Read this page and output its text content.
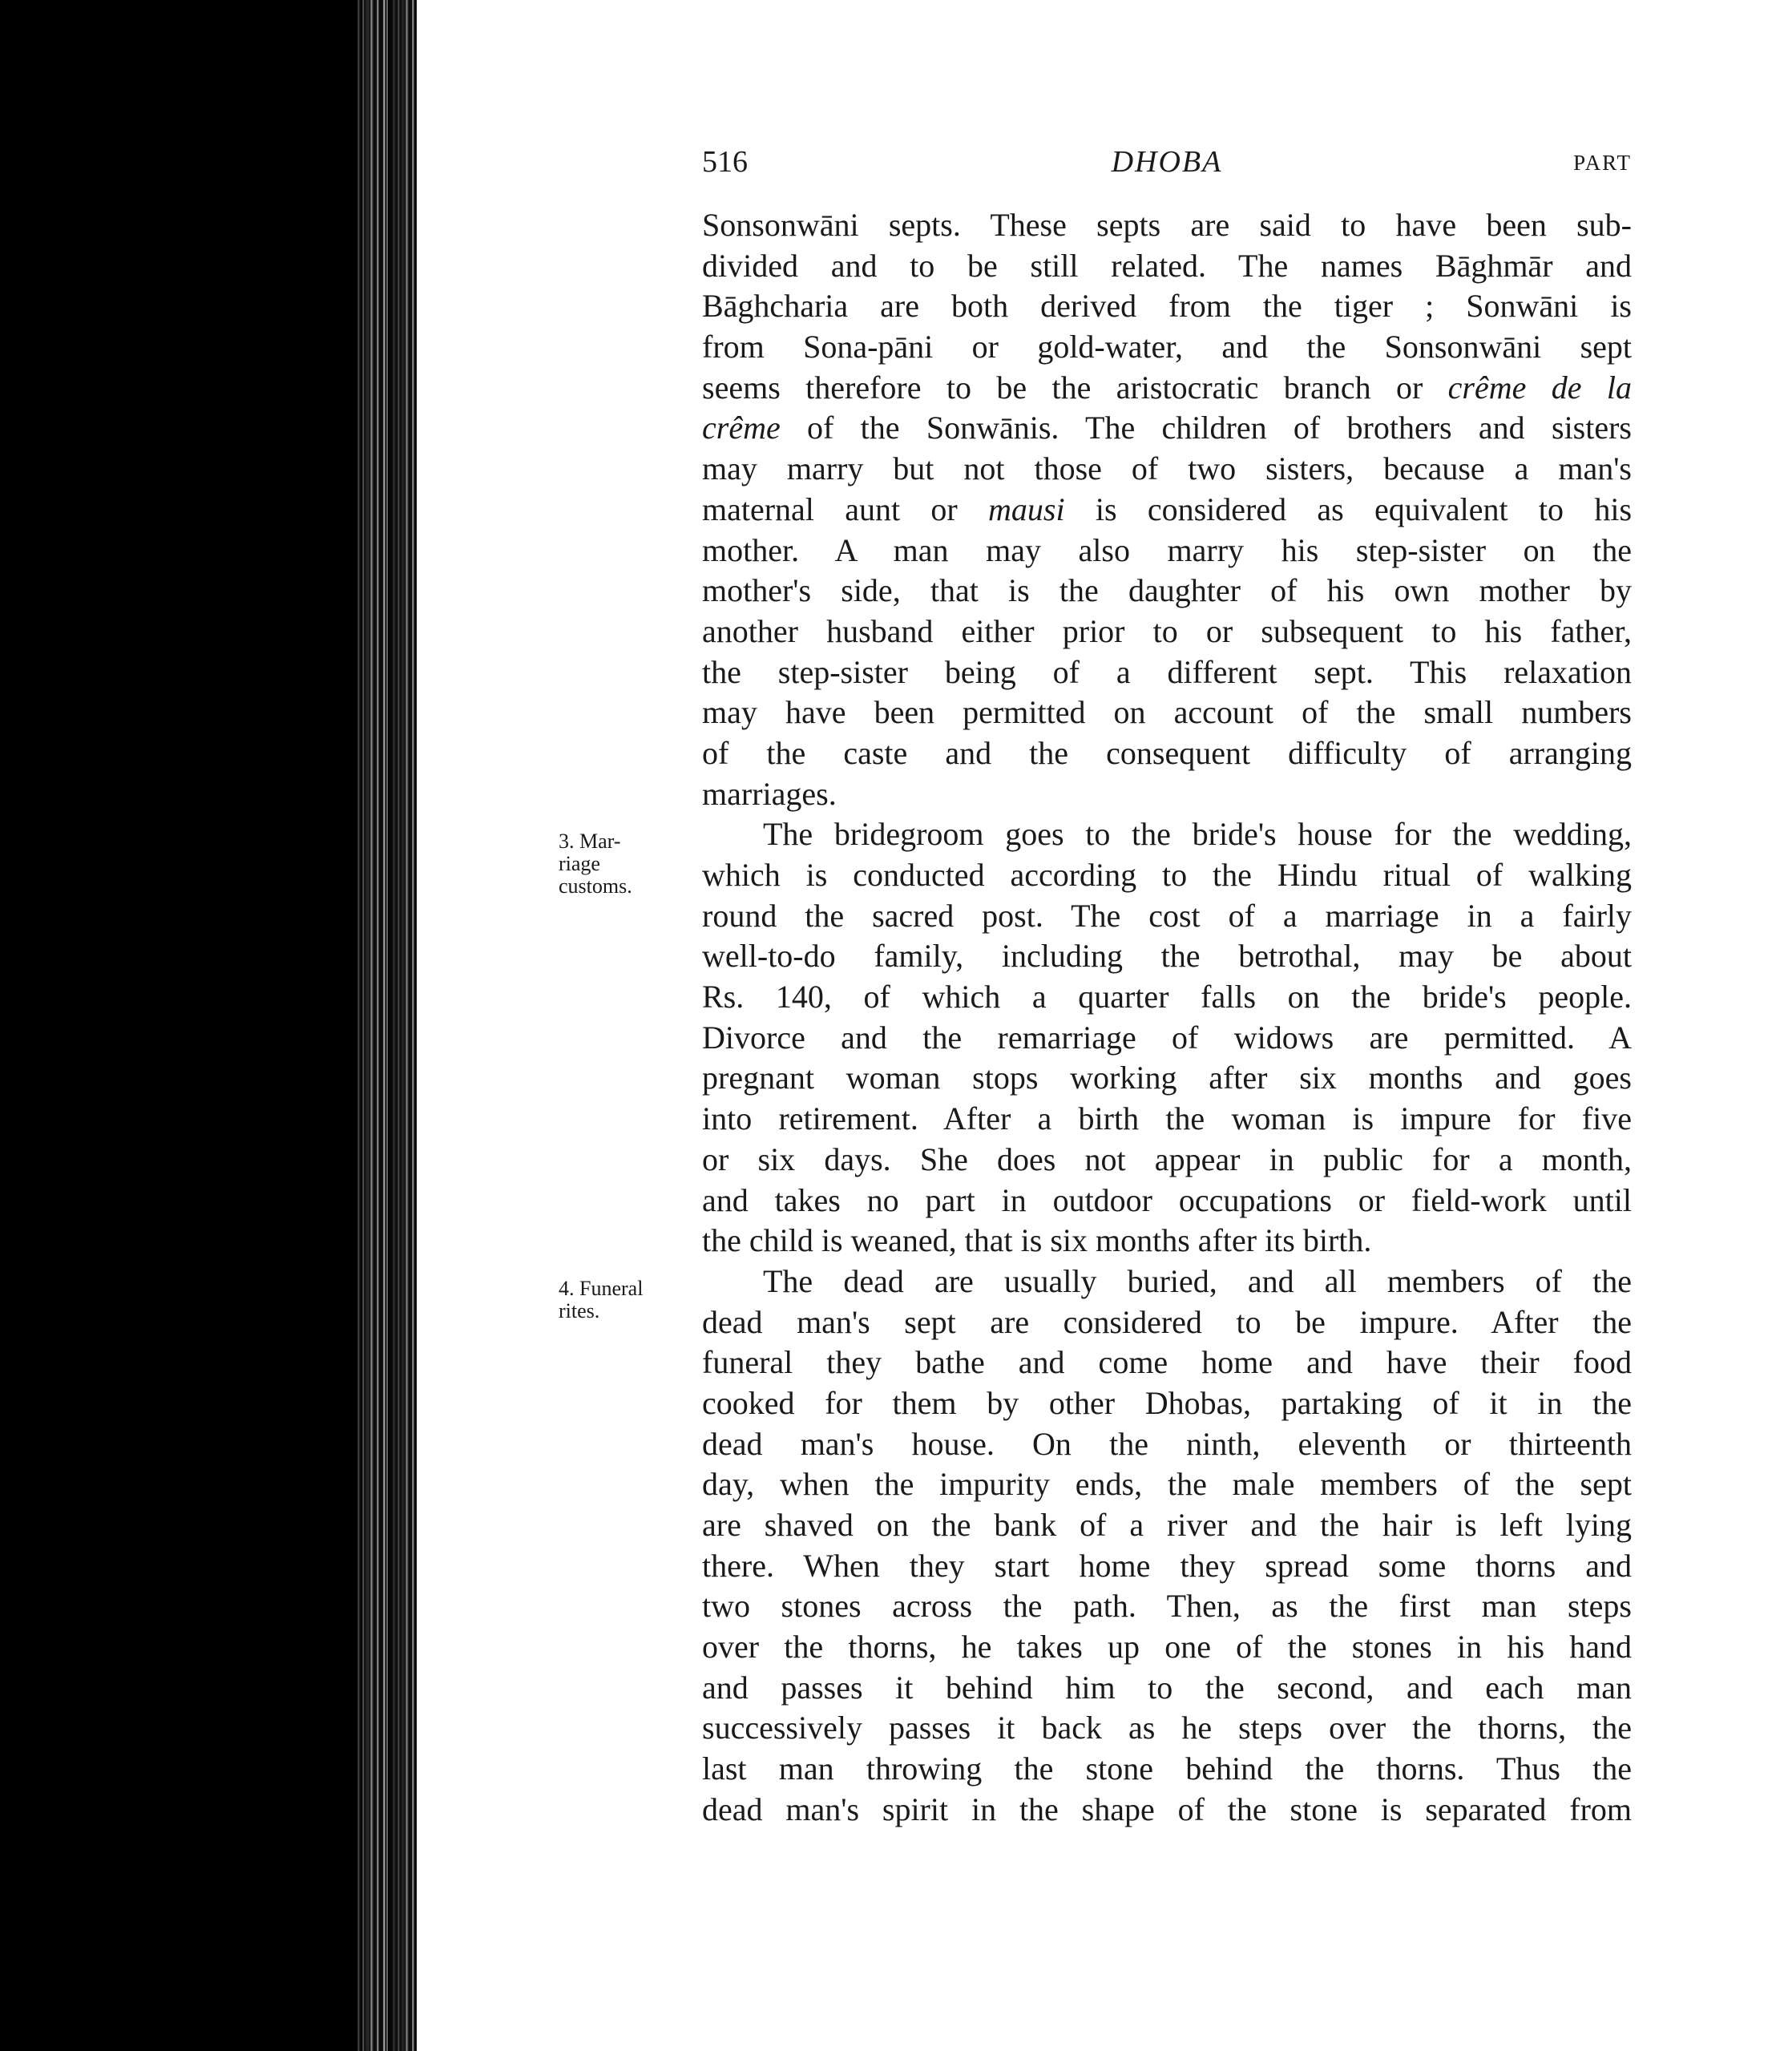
516	DHOBA	PART
3. Mar-
riage
customs.
4. Funeral
rites.
Sonsonwāni septs. These septs are said to have been sub-
divided and to be still related. The names Bāghmār and
Bāghcharia are both derived from the tiger ; Sonwāni is
from Sona-pāni or gold-water, and the Sonsonwāni sept
seems therefore to be the aristocratic branch or crême de la
crême of the Sonwānis. The children of brothers and sisters
may marry but not those of two sisters, because a man's
maternal aunt or mausi is considered as equivalent to his
mother. A man may also marry his step-sister on the
mother's side, that is the daughter of his own mother by
another husband either prior to or subsequent to his father,
the step-sister being of a different sept. This relaxation
may have been permitted on account of the small numbers
of the caste and the consequent difficulty of arranging
marriages.
The bridegroom goes to the bride's house for the wedding,
which is conducted according to the Hindu ritual of walking
round the sacred post. The cost of a marriage in a fairly
well-to-do family, including the betrothal, may be about
Rs. 140, of which a quarter falls on the bride's people.
Divorce and the remarriage of widows are permitted. A
pregnant woman stops working after six months and goes
into retirement. After a birth the woman is impure for five
or six days. She does not appear in public for a month,
and takes no part in outdoor occupations or field-work until
the child is weaned, that is six months after its birth.
The dead are usually buried, and all members of the
dead man's sept are considered to be impure. After the
funeral they bathe and come home and have their food
cooked for them by other Dhobas, partaking of it in the
dead man's house. On the ninth, eleventh or thirteenth
day, when the impurity ends, the male members of the sept
are shaved on the bank of a river and the hair is left lying
there. When they start home they spread some thorns and
two stones across the path. Then, as the first man steps
over the thorns, he takes up one of the stones in his hand
and passes it behind him to the second, and each man
successively passes it back as he steps over the thorns, the
last man throwing the stone behind the thorns. Thus the
dead man's spirit in the shape of the stone is separated from
